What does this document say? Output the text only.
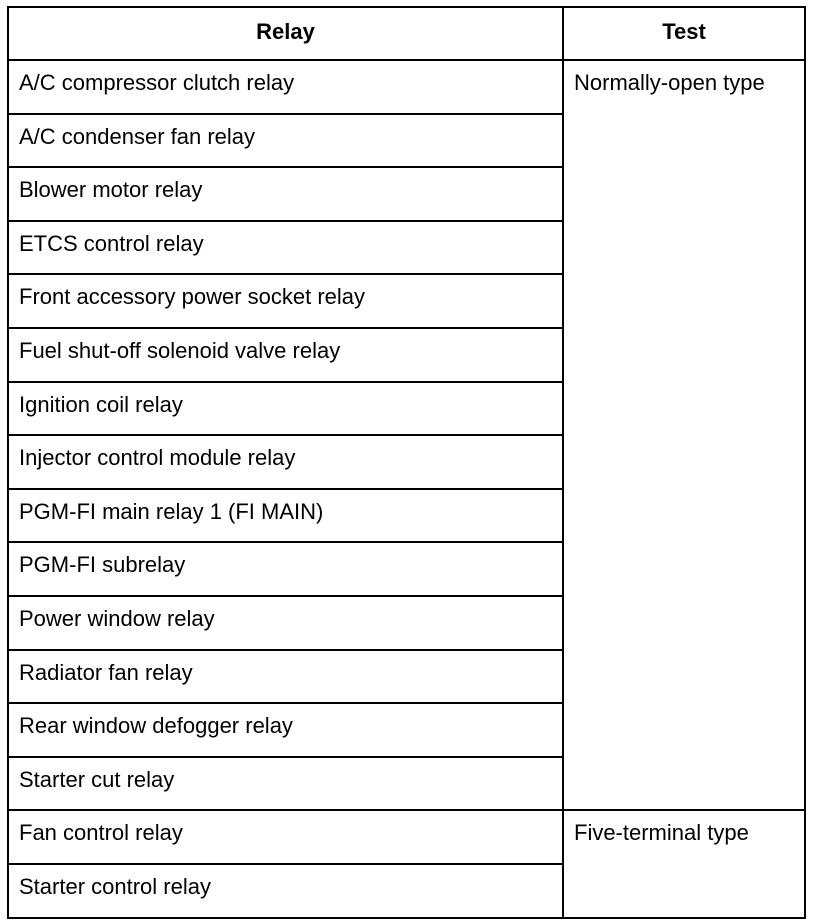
Relay	Test
A/C compressor clutch relay	Normally-open type
A/C condenser fan relay	
Blower motor relay	
ETCS control relay	
Front accessory power socket relay	
Fuel shut-off solenoid valve relay	
Ignition coil relay	
Injector control module relay	
PGM-FI main relay 1 (FI MAIN)	
PGM-FI subrelay	
Power window relay	
Radiator fan relay	
Rear window defogger relay	
Starter cut relay	
Fan control relay	Five-terminal type
Starter control relay	
